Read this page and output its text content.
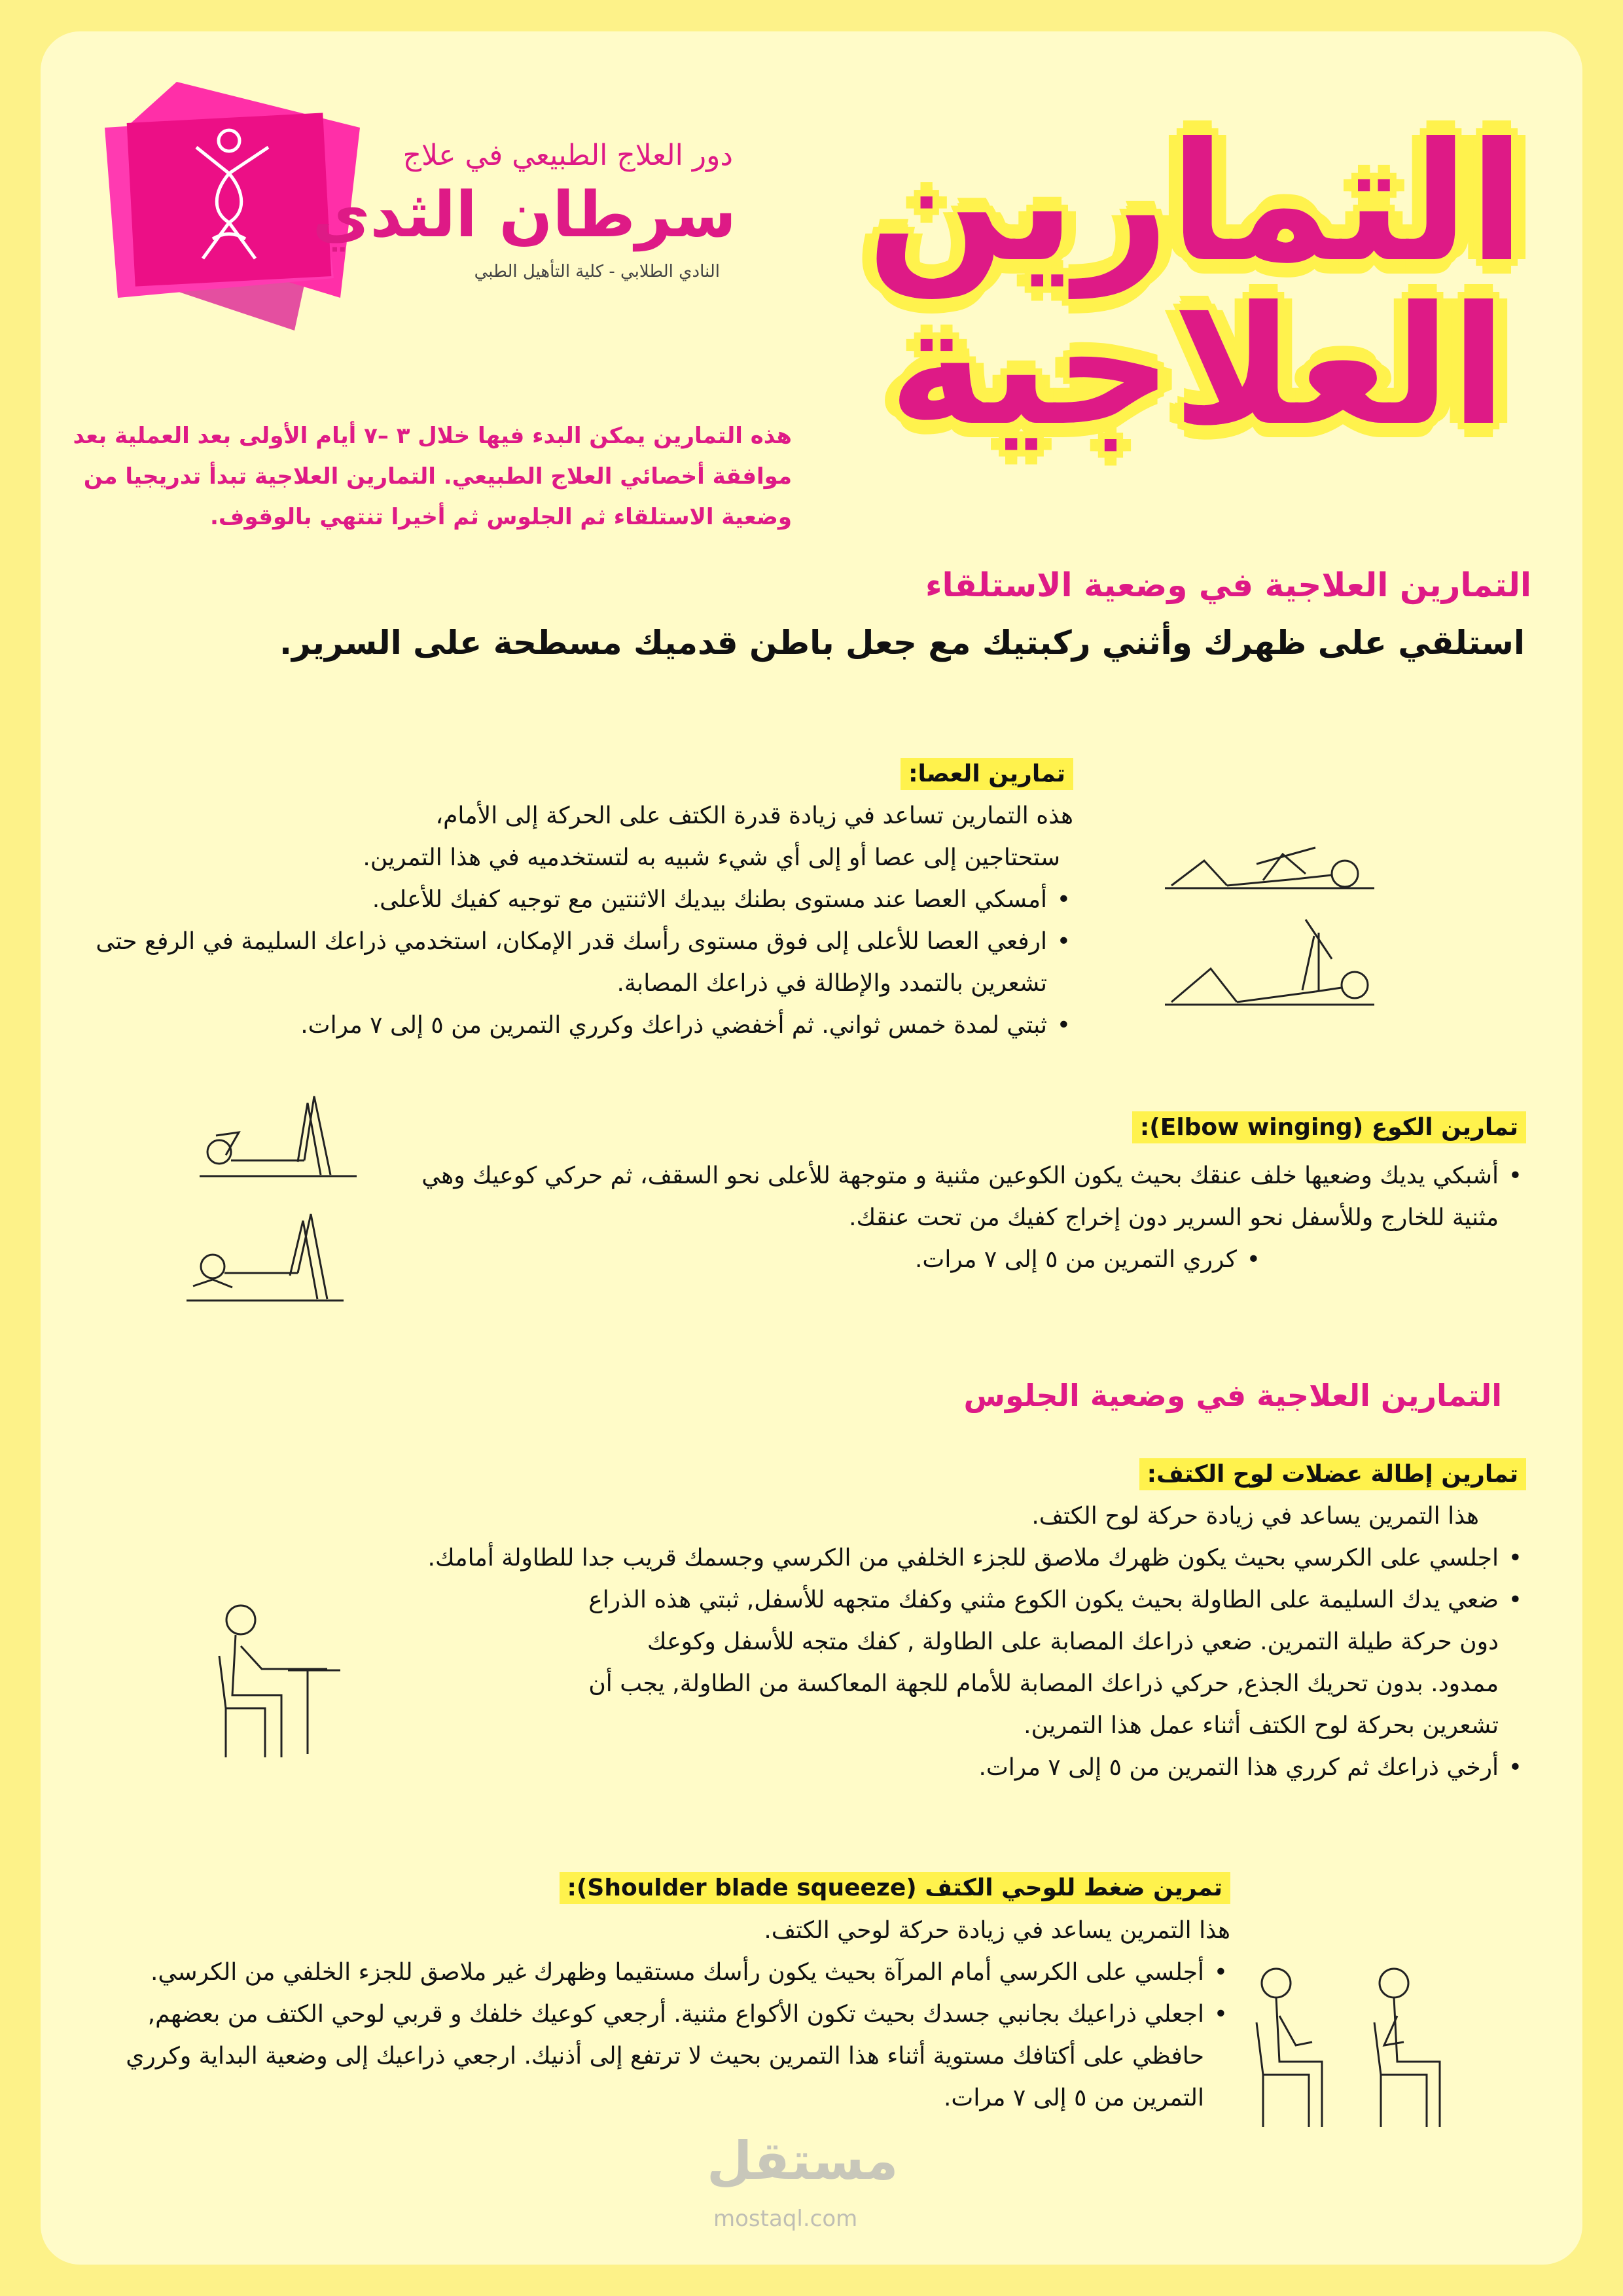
دور العلاج الطبيعي في علاج
سرطان الثدي
النادي الطلابي - كلية التأهيل الطبي التمارين
العلاجية
هذه التمارين يمكن البدء فيها خلال ٣ –٧ أيام الأولى بعد العملية بعد موافقة أخصائي العلاج الطبيعي. التمارين العلاجية تبدأ تدريجيا من وضعية الاستلقاء ثم الجلوس ثم أخيرا تنتهي بالوقوف.
التمارين العلاجية في وضعية الاستلقاء
استلقي على ظهرك وأثني ركبتيك مع جعل باطن قدميك مسطحة على السرير.
تمارين العصا:
هذه التمارين تساعد في زيادة قدرة الكتف على الحركة إلى الأمام،
ستحتاجين إلى عصا أو إلى أي شيء شبيه به لتستخدميه في هذا التمرين.
• أمسكي العصا عند مستوى بطنك بيديك الاثنتين مع توجيه كفيك للأعلى.
• ارفعي العصا للأعلى إلى فوق مستوى رأسك قدر الإمكان، استخدمي ذراعك السليمة في الرفع حتى تشعرين بالتمدد والإطالة في ذراعك المصابة.
• ثبتي لمدة خمس ثواني. ثم أخفضي ذراعك وكرري التمرين من ٥ إلى ٧ مرات.
تمارين الكوع (Elbow winging):
• أشبكي يديك وضعيها خلف عنقك بحيث يكون الكوعين مثنية و متوجهة للأعلى نحو السقف، ثم حركي كوعيك وهي مثنية للخارج وللأسفل نحو السرير دون إخراج كفيك من تحت عنقك.
• كرري التمرين من ٥ إلى ٧ مرات.
التمارين العلاجية في وضعية الجلوس
تمارين إطالة عضلات لوح الكتف:
هذا التمرين يساعد في زيادة حركة لوح الكتف.
• اجلسي على الكرسي بحيث يكون ظهرك ملاصق للجزء الخلفي من الكرسي وجسمك قريب جدا للطاولة أمامك.
• ضعي يدك السليمة على الطاولة بحيث يكون الكوع مثني وكفك متجهه للأسفل, ثبتي هذه الذراع دون حركة طيلة التمرين. ضعي ذراعك المصابة على الطاولة , كفك متجه للأسفل وكوعك ممدود. بدون تحريك الجذع, حركي ذراعك المصابة للأمام للجهة المعاكسة من الطاولة, يجب أن تشعرين بحركة لوح الكتف أثناء عمل هذا التمرين.
• أرخي ذراعك ثم كرري هذا التمرين من ٥ إلى ٧ مرات.
تمرين ضغط للوحي الكتف (Shoulder blade squeeze):
هذا التمرين يساعد في زيادة حركة لوحي الكتف.
• أجلسي على الكرسي أمام المرآة بحيث يكون رأسك مستقيما وظهرك غير ملاصق للجزء الخلفي من الكرسي.
• اجعلي ذراعيك بجانبي جسدك بحيث تكون الأكواع مثنية. أرجعي كوعيك خلفك و قربي لوحي الكتف من بعضهم, حافظي على أكتافك مستوية أثناء هذا التمرين بحيث لا ترتفع إلى أذنيك. ارجعي ذراعيك إلى وضعية البداية وكرري التمرين من ٥ إلى ٧ مرات.
مستقل
mostaql.com
